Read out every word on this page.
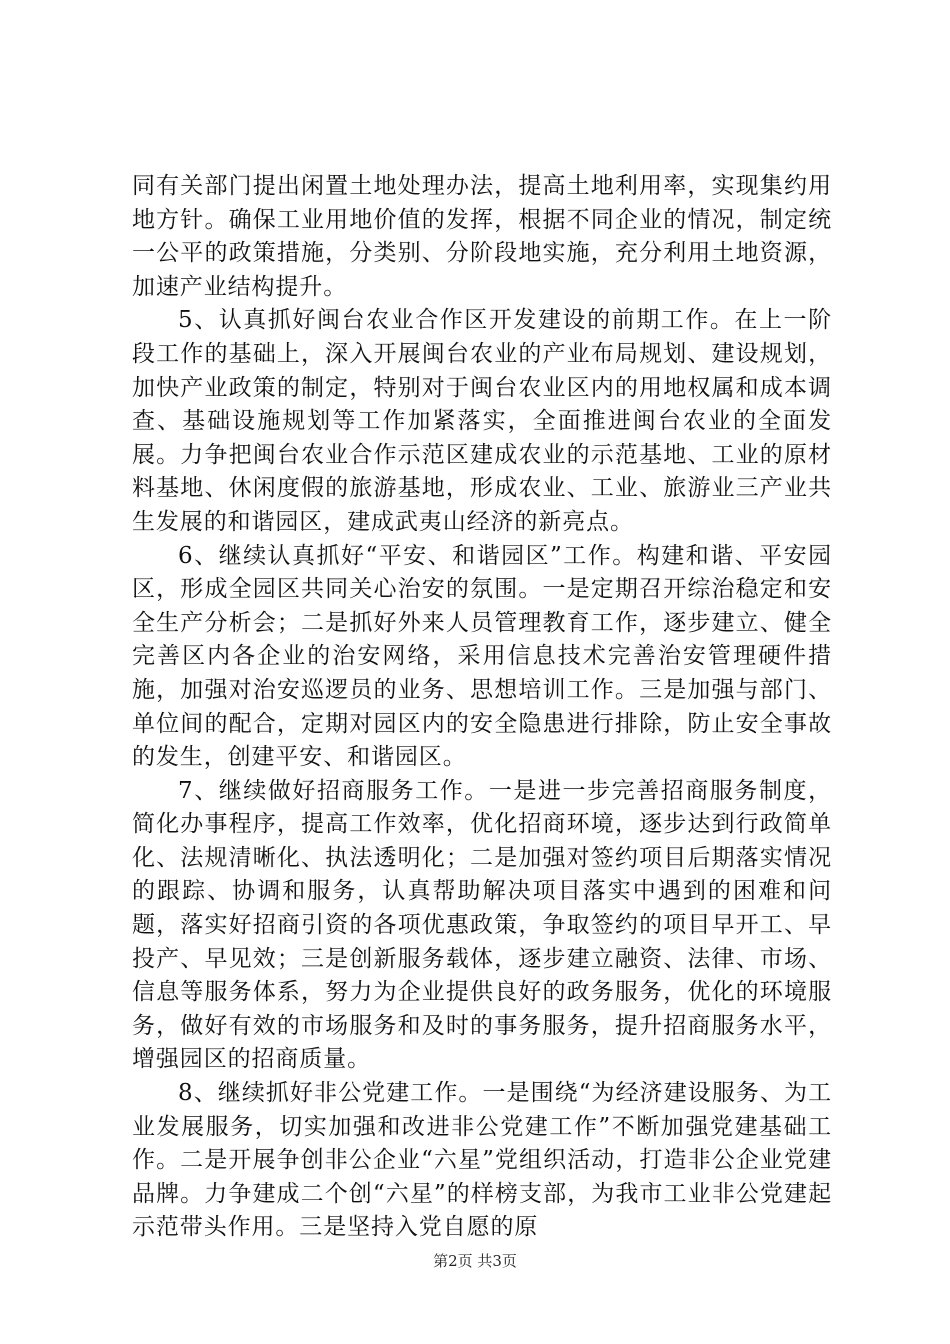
同有关部门提出闲置土地处理办法，提高土地利用率，实现集约用地方针。确保工业用地价值的发挥，根据不同企业的情况，制定统一公平的政策措施，分类别、分阶段地实施，充分利用土地资源，加速产业结构提升。

5、认真抓好闽台农业合作区开发建设的前期工作。在上一阶段工作的基础上，深入开展闽台农业的产业布局规划、建设规划，加快产业政策的制定，特别对于闽台农业区内的用地权属和成本调查、基础设施规划等工作加紧落实，全面推进闽台农业的全面发展。力争把闽台农业合作示范区建成农业的示范基地、工业的原材料基地、休闲度假的旅游基地，形成农业、工业、旅游业三产业共生发展的和谐园区，建成武夷山经济的新亮点。

6、继续认真抓好“平安、和谐园区”工作。构建和谐、平安园区，形成全园区共同关心治安的氛围。一是定期召开综治稳定和安全生产分析会；二是抓好外来人员管理教育工作，逐步建立、健全完善区内各企业的治安网络，采用信息技术完善治安管理硬件措施，加强对治安巡逻员的业务、思想培训工作。三是加强与部门、单位间的配合，定期对园区内的安全隐患进行排除，防止安全事故的发生，创建平安、和谐园区。

7、继续做好招商服务工作。一是进一步完善招商服务制度，简化办事程序，提高工作效率，优化招商环境，逐步达到行政简单化、法规清晰化、执法透明化；二是加强对签约项目后期落实情况的跟踪、协调和服务，认真帮助解决项目落实中遇到的困难和问题，落实好招商引资的各项优惠政策，争取签约的项目早开工、早投产、早见效；三是创新服务载体，逐步建立融资、法律、市场、信息等服务体系，努力为企业提供良好的政务服务，优化的环境服务，做好有效的市场服务和及时的事务服务，提升招商服务水平，增强园区的招商质量。

8、继续抓好非公党建工作。一是围绕“为经济建设服务、为工业发展服务，切实加强和改进非公党建工作”不断加强党建基础工作。二是开展争创非公企业“六星”党组织活动，打造非公企业党建品牌。力争建成二个创“六星”的样榜支部，为我市工业非公党建起示范带头作用。三是坚持入党自愿的原

第2页 共3页
